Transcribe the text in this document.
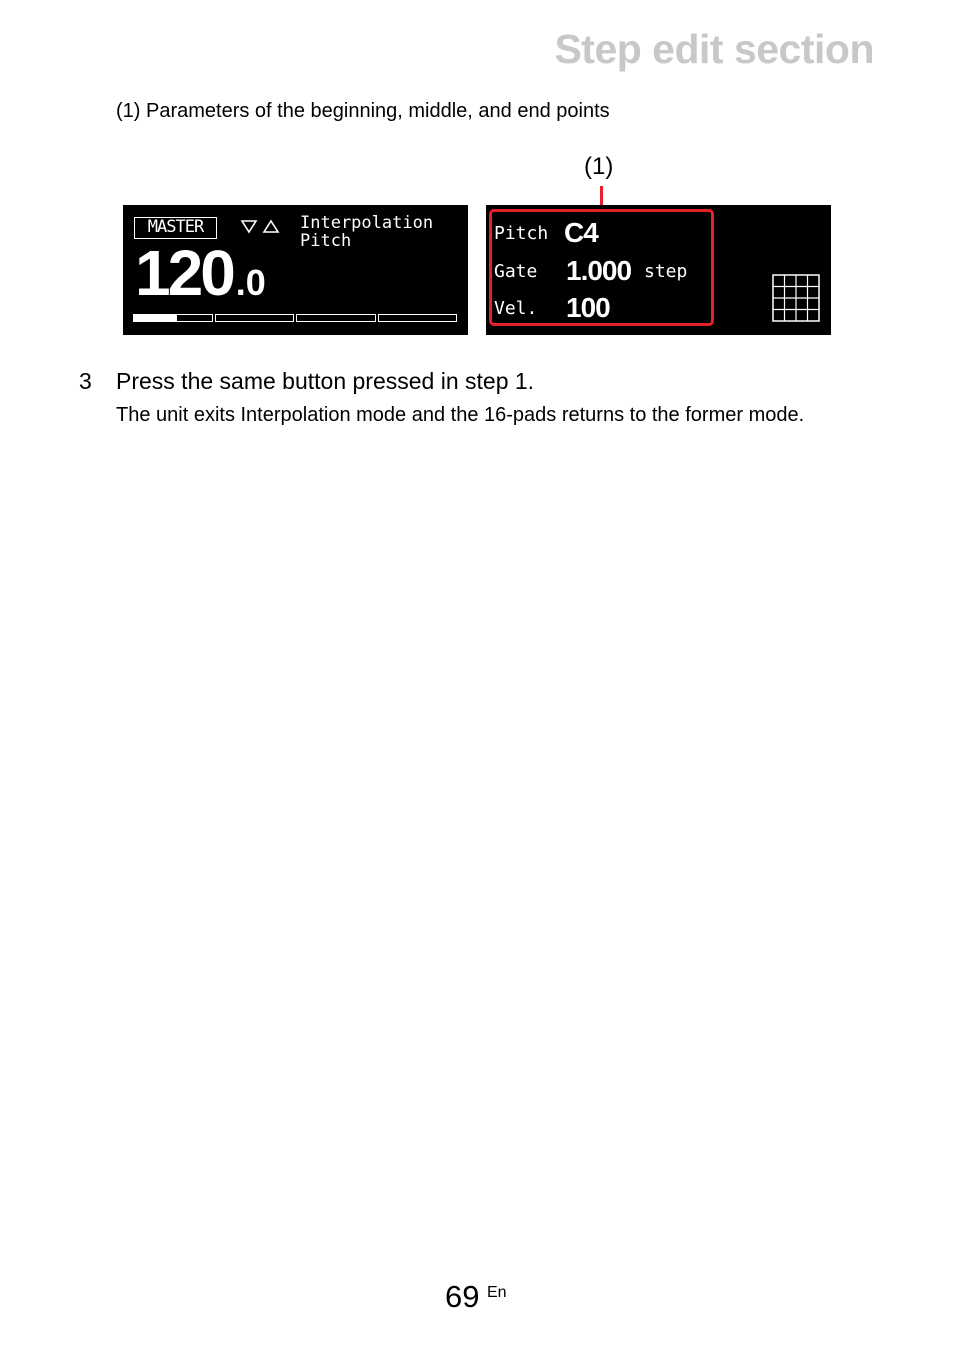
Step edit section
(1) Parameters of the beginning, middle, and end points
(1)
MASTER	Interpolation
Pitch
120.0
Pitch C4
Gate 1.000 step
Vel. 100
3 Press the same button pressed in step 1.
The unit exits Interpolation mode and the 16-pads returns to the former mode.
69 En
